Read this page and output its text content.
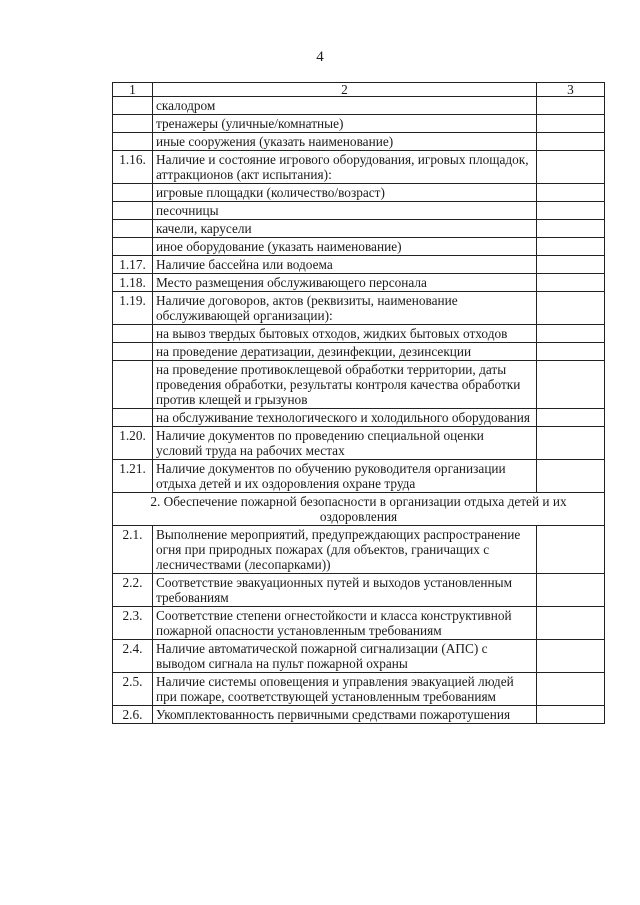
4
1	2	3
	скалодром	
	тренажеры (уличные/комнатные)	
	иные сооружения (указать наименование)	
1.16.	Наличие и состояние игрового оборудования, игровых площадок, аттракционов (акт испытания):	
	игровые площадки (количество/возраст)	
	песочницы	
	качели, карусели	
	иное оборудование (указать наименование)	
1.17.	Наличие бассейна или водоема	
1.18.	Место размещения обслуживающего персонала	
1.19.	Наличие договоров, актов (реквизиты, наименование обслуживающей организации):	
	на вывоз твердых бытовых отходов, жидких бытовых отходов	
	на проведение дератизации, дезинфекции, дезинсекции	
	на проведение противоклещевой обработки территории, даты проведения обработки, результаты контроля качества обработки против клещей и грызунов	
	на обслуживание технологического и холодильного оборудования	
1.20.	Наличие документов по проведению специальной оценки условий труда на рабочих местах	
1.21.	Наличие документов по обучению руководителя организации отдыха детей и их оздоровления охране труда	
2. Обеспечение пожарной безопасности в организации отдыха детей и их оздоровления		
2.1.	Выполнение мероприятий, предупреждающих распространение огня при природных пожарах (для объектов, граничащих с лесничествами (лесопарками))	
2.2.	Соответствие эвакуационных путей и выходов установленным требованиям	
2.3.	Соответствие степени огнестойкости и класса конструктивной пожарной опасности установленным требованиям	
2.4.	Наличие автоматической пожарной сигнализации (АПС) с выводом сигнала на пульт пожарной охраны	
2.5.	Наличие системы оповещения и управления эвакуацией людей при пожаре, соответствующей установленным требованиям	
2.6.	Укомплектованность первичными средствами пожаротушения	
